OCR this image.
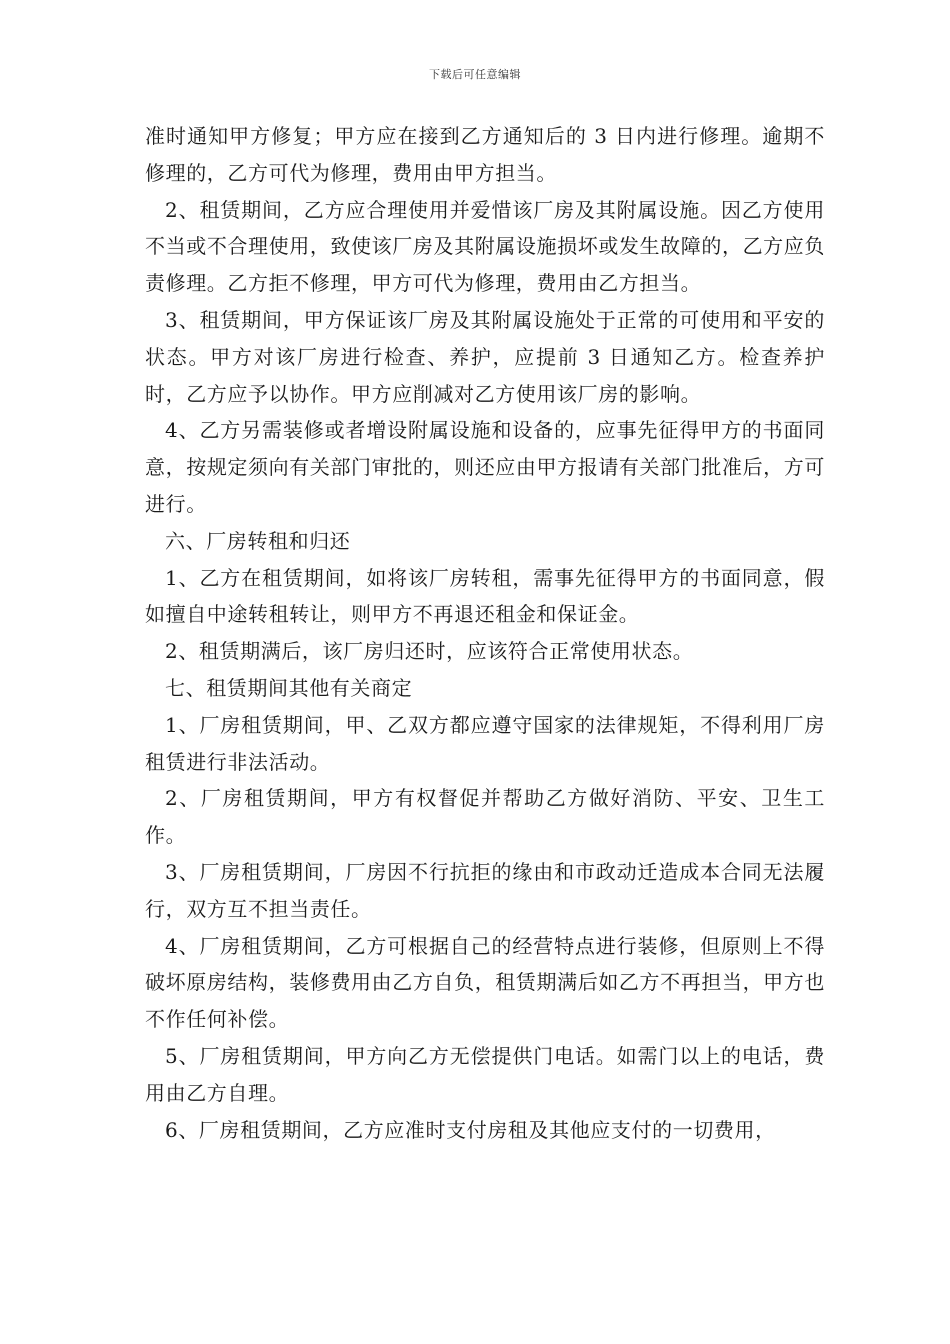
下载后可任意编辑

准时通知甲方修复；甲方应在接到乙方通知后的 3 日内进行修理。逾期不修理的，乙方可代为修理，费用由甲方担当。

2、租赁期间，乙方应合理使用并爱惜该厂房及其附属设施。因乙方使用不当或不合理使用，致使该厂房及其附属设施损坏或发生故障的，乙方应负责修理。乙方拒不修理，甲方可代为修理，费用由乙方担当。

3、租赁期间，甲方保证该厂房及其附属设施处于正常的可使用和平安的状态。甲方对该厂房进行检查、养护，应提前 3 日通知乙方。检查养护时，乙方应予以协作。甲方应削减对乙方使用该厂房的影响。

4、乙方另需装修或者增设附属设施和设备的，应事先征得甲方的书面同意，按规定须向有关部门审批的，则还应由甲方报请有关部门批准后，方可进行。

六、厂房转租和归还

1、乙方在租赁期间，如将该厂房转租，需事先征得甲方的书面同意，假如擅自中途转租转让，则甲方不再退还租金和保证金。

2、租赁期满后，该厂房归还时，应该符合正常使用状态。

七、租赁期间其他有关商定

1、厂房租赁期间，甲、乙双方都应遵守国家的法律规矩，不得利用厂房租赁进行非法活动。

2、厂房租赁期间，甲方有权督促并帮助乙方做好消防、平安、卫生工作。

3、厂房租赁期间，厂房因不行抗拒的缘由和市政动迁造成本合同无法履行，双方互不担当责任。

4、厂房租赁期间，乙方可根据自己的经营特点进行装修，但原则上不得破坏原房结构，装修费用由乙方自负，租赁期满后如乙方不再担当，甲方也不作任何补偿。

5、厂房租赁期间，甲方向乙方无偿提供门电话。如需门以上的电话，费用由乙方自理。

6、厂房租赁期间，乙方应准时支付房租及其他应支付的一切费用，
